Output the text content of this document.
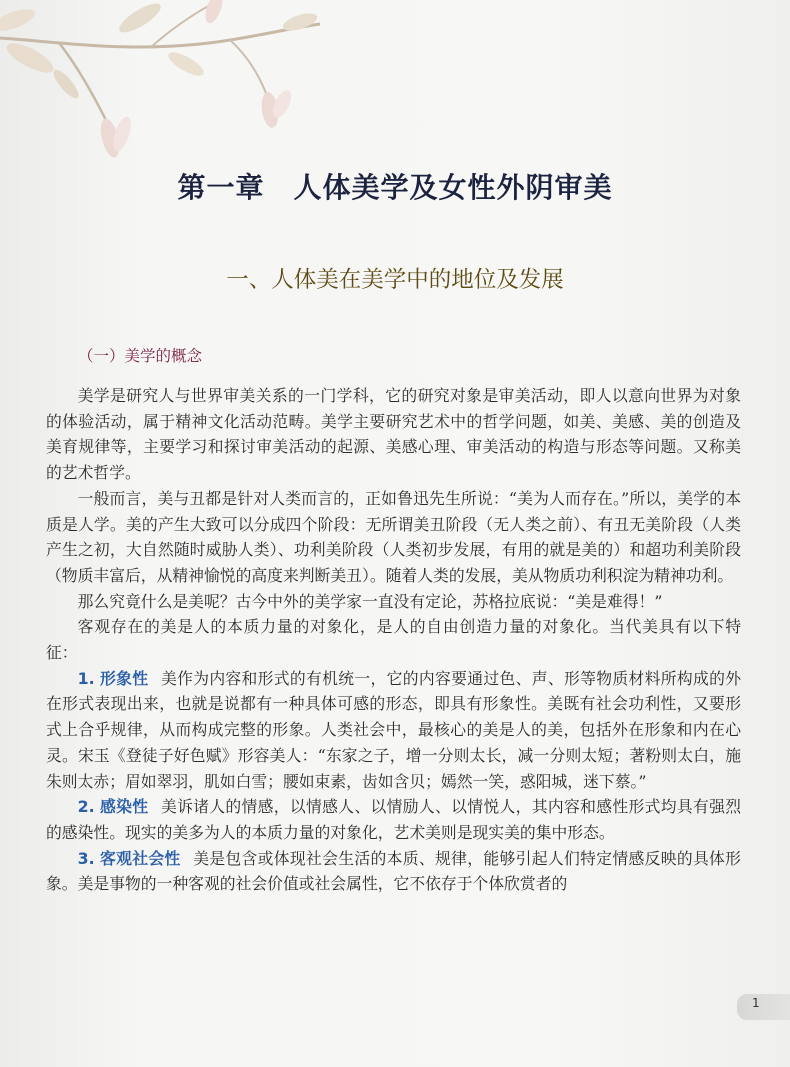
第一章　人体美学及女性外阴审美
一、人体美在美学中的地位及发展
（一）美学的概念

美学是研究人与世界审美关系的一门学科，它的研究对象是审美活动，即人以意向世界为对象的体验活动，属于精神文化活动范畴。美学主要研究艺术中的哲学问题，如美、美感、美的创造及美育规律等，主要学习和探讨审美活动的起源、美感心理、审美活动的构造与形态等问题。又称美的艺术哲学。

一般而言，美与丑都是针对人类而言的，正如鲁迅先生所说：“美为人而存在。”所以，美学的本质是人学。美的产生大致可以分成四个阶段：无所谓美丑阶段（无人类之前）、有丑无美阶段（人类产生之初，大自然随时威胁人类）、功利美阶段（人类初步发展，有用的就是美的）和超功利美阶段（物质丰富后，从精神愉悦的高度来判断美丑）。随着人类的发展，美从物质功利积淀为精神功利。

那么究竟什么是美呢？古今中外的美学家一直没有定论，苏格拉底说：“美是难得！”

客观存在的美是人的本质力量的对象化，是人的自由创造力量的对象化。当代美具有以下特征：

1. 形象性 美作为内容和形式的有机统一，它的内容要通过色、声、形等物质材料所构成的外在形式表现出来，也就是说都有一种具体可感的形态，即具有形象性。美既有社会功利性，又要形式上合乎规律，从而构成完整的形象。人类社会中，最核心的美是人的美，包括外在形象和内在心灵。宋玉《登徒子好色赋》形容美人：“东家之子，增一分则太长，减一分则太短；著粉则太白，施朱则太赤；眉如翠羽，肌如白雪；腰如束素，齿如含贝；嫣然一笑，惑阳城，迷下蔡。”

2. 感染性 美诉诸人的情感，以情感人、以情励人、以情悦人，其内容和感性形式均具有强烈的感染性。现实的美多为人的本质力量的对象化，艺术美则是现实美的集中形态。

3. 客观社会性 美是包含或体现社会生活的本质、规律，能够引起人们特定情感反映的具体形象。美是事物的一种客观的社会价值或社会属性，它不依存于个体欣赏者的

1
